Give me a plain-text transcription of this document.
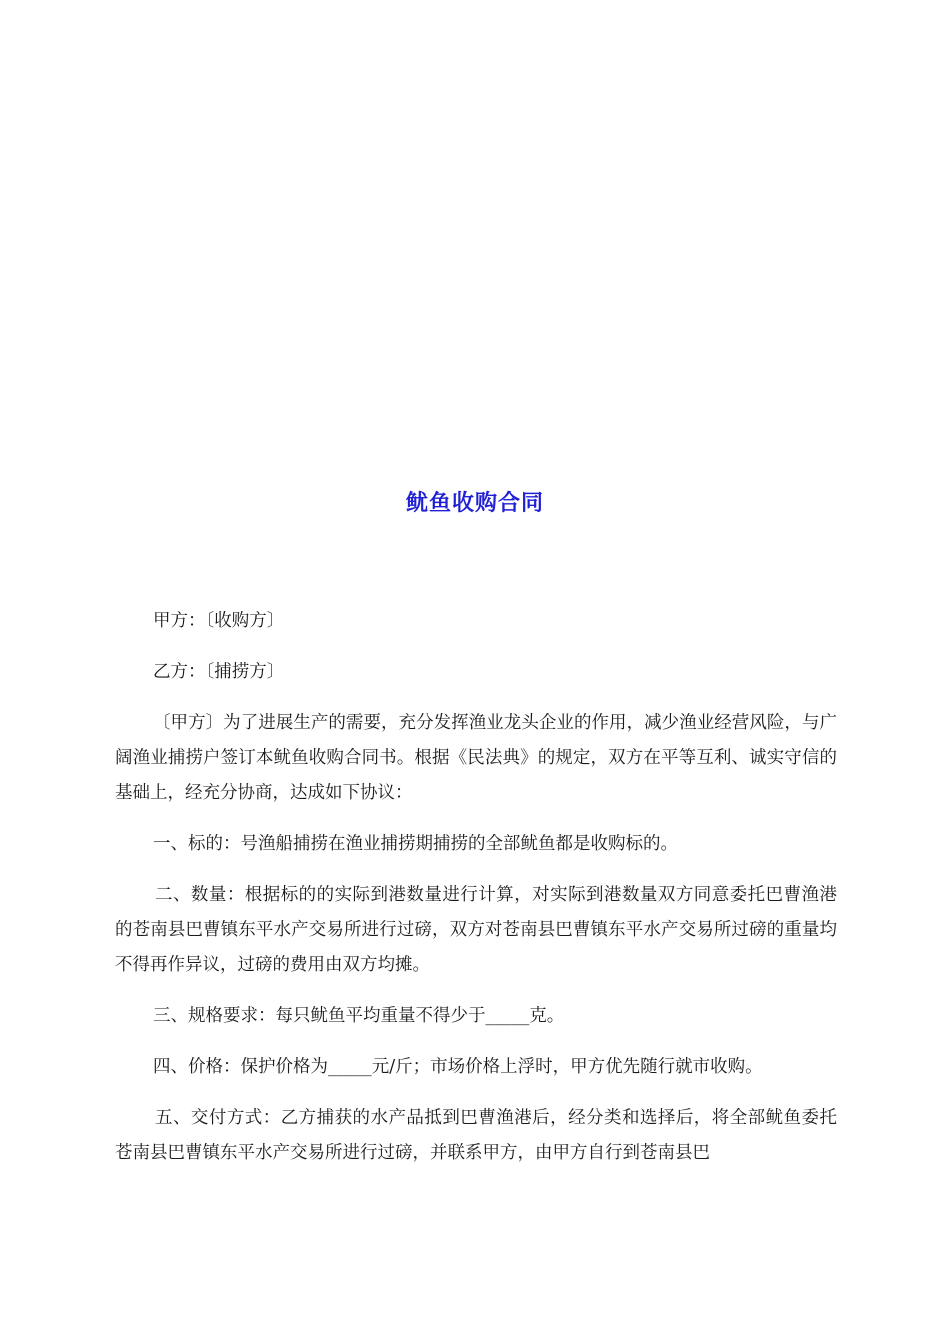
鱿鱼收购合同

甲方：〔收购方〕

乙方：〔捕捞方〕

〔甲方〕为了进展生产的需要，充分发挥渔业龙头企业的作用，减少渔业经营风险，与广阔渔业捕捞户签订本鱿鱼收购合同书。根据《民法典》的规定，双方在平等互利、诚实守信的基础上，经充分协商，达成如下协议：

一、标的：号渔船捕捞在渔业捕捞期捕捞的全部鱿鱼都是收购标的。

二、数量：根据标的的实际到港数量进行计算，对实际到港数量双方同意委托巴曹渔港的苍南县巴曹镇东平水产交易所进行过磅，双方对苍南县巴曹镇东平水产交易所过磅的重量均不得再作异议，过磅的费用由双方均摊。

三、规格要求：每只鱿鱼平均重量不得少于_____克。

四、价格：保护价格为_____元/斤；市场价格上浮时，甲方优先随行就市收购。

五、交付方式：乙方捕获的水产品抵到巴曹渔港后，经分类和选择后，将全部鱿鱼委托苍南县巴曹镇东平水产交易所进行过磅，并联系甲方，由甲方自行到苍南县巴
